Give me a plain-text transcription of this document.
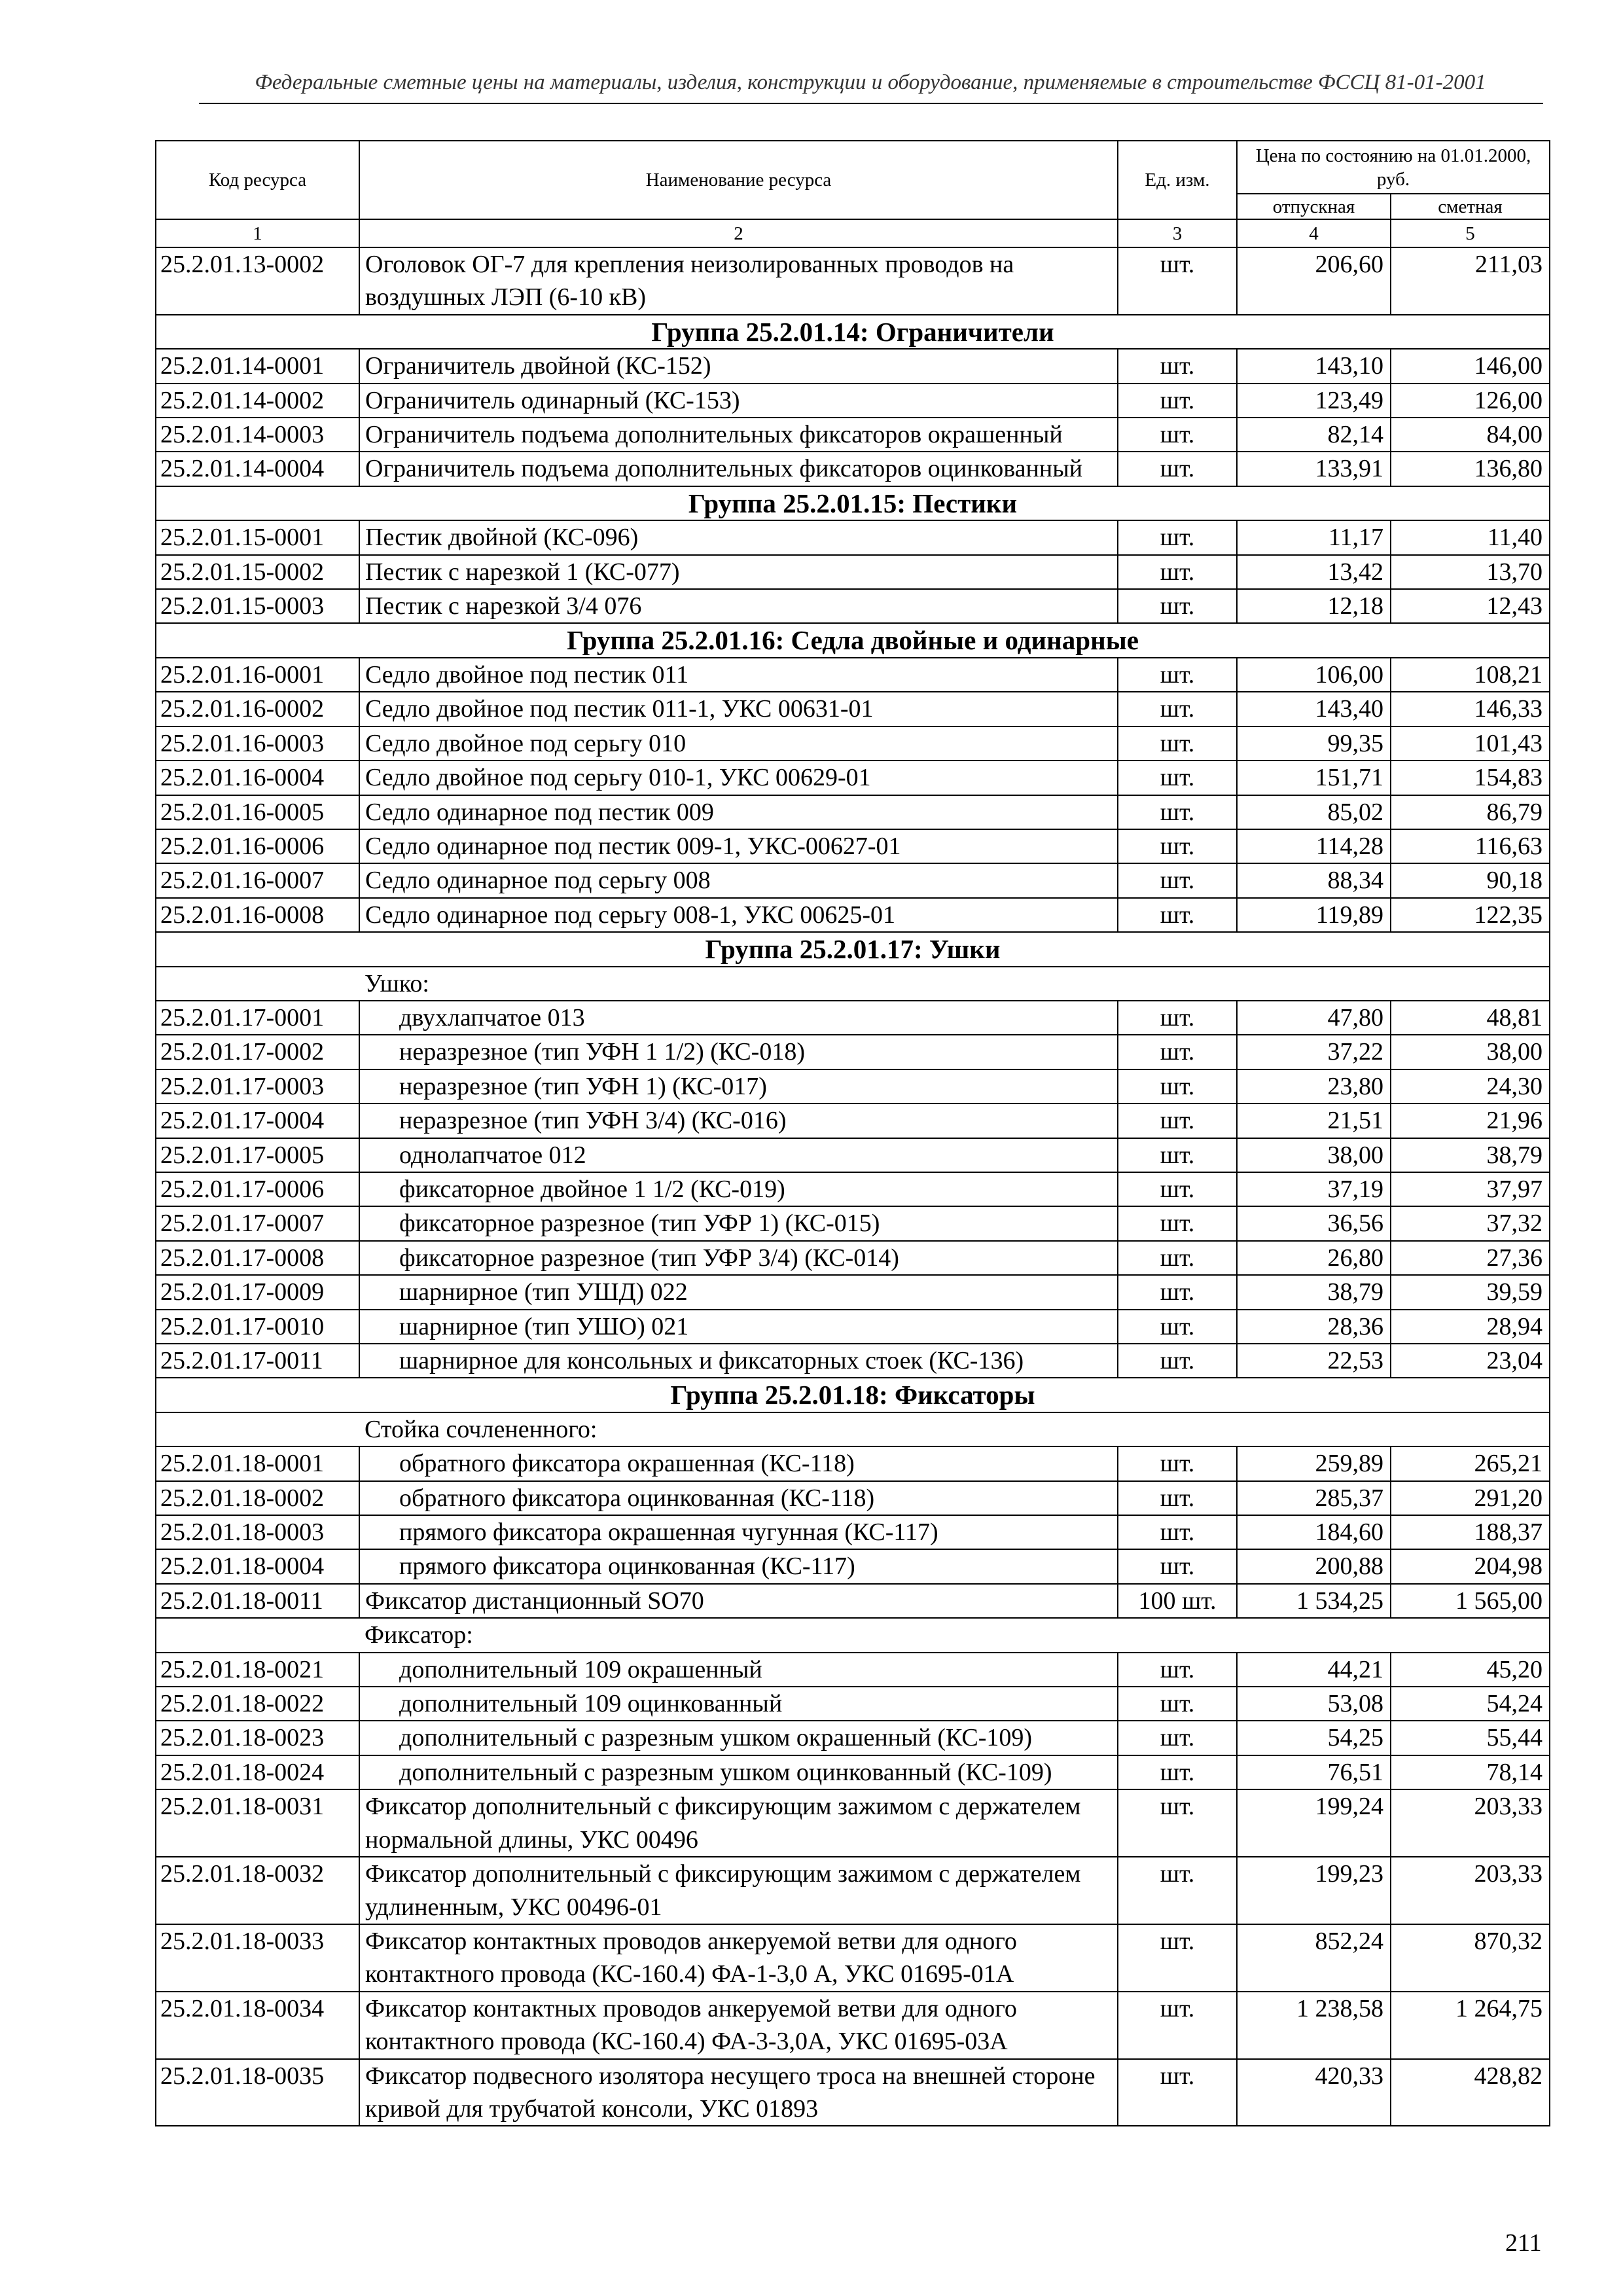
Федеральные сметные цены на материалы, изделия, конструкции и оборудование, применяемые в строительстве ФССЦ 81-01-2001
Код ресурса	Наименование ресурса	Ед. изм.	Цена по состоянию на 01.01.2000, руб.	
			отпускная	сметная
1	2	3	4	5
25.2.01.13-0002	Оголовок ОГ-7 для крепления неизолированных проводов на воздушных ЛЭП (6-10 кВ)	шт.	206,60	211,03
Группа 25.2.01.14: Ограничители				
25.2.01.14-0001	Ограничитель двойной (КС-152)	шт.	143,10	146,00
25.2.01.14-0002	Ограничитель одинарный (КС-153)	шт.	123,49	126,00
25.2.01.14-0003	Ограничитель подъема дополнительных фиксаторов окрашенный	шт.	82,14	84,00
25.2.01.14-0004	Ограничитель подъема дополнительных фиксаторов оцинкованный	шт.	133,91	136,80
Группа 25.2.01.15: Пестики				
25.2.01.15-0001	Пестик двойной (КС-096)	шт.	11,17	11,40
25.2.01.15-0002	Пестик с нарезкой 1 (КС-077)	шт.	13,42	13,70
25.2.01.15-0003	Пестик с нарезкой 3/4 076	шт.	12,18	12,43
Группа 25.2.01.16: Седла двойные и одинарные				
25.2.01.16-0001	Седло двойное под пестик 011	шт.	106,00	108,21
25.2.01.16-0002	Седло двойное под пестик 011-1, УКС 00631-01	шт.	143,40	146,33
25.2.01.16-0003	Седло двойное под серьгу 010	шт.	99,35	101,43
25.2.01.16-0004	Седло двойное под серьгу 010-1, УКС 00629-01	шт.	151,71	154,83
25.2.01.16-0005	Седло одинарное под пестик 009	шт.	85,02	86,79
25.2.01.16-0006	Седло одинарное под пестик 009-1, УКС-00627-01	шт.	114,28	116,63
25.2.01.16-0007	Седло одинарное под серьгу 008	шт.	88,34	90,18
25.2.01.16-0008	Седло одинарное под серьгу 008-1, УКС 00625-01	шт.	119,89	122,35
Группа 25.2.01.17: Ушки				
	Ушко:			
25.2.01.17-0001	двухлапчатое 013	шт.	47,80	48,81
25.2.01.17-0002	неразрезное (тип УФН 1 1/2) (КС-018)	шт.	37,22	38,00
25.2.01.17-0003	неразрезное (тип УФН 1) (КС-017)	шт.	23,80	24,30
25.2.01.17-0004	неразрезное (тип УФН 3/4) (КС-016)	шт.	21,51	21,96
25.2.01.17-0005	однолапчатое 012	шт.	38,00	38,79
25.2.01.17-0006	фиксаторное двойное 1 1/2 (КС-019)	шт.	37,19	37,97
25.2.01.17-0007	фиксаторное разрезное (тип УФР 1) (КС-015)	шт.	36,56	37,32
25.2.01.17-0008	фиксаторное разрезное (тип УФР 3/4) (КС-014)	шт.	26,80	27,36
25.2.01.17-0009	шарнирное (тип УШД) 022	шт.	38,79	39,59
25.2.01.17-0010	шарнирное (тип УШО) 021	шт.	28,36	28,94
25.2.01.17-0011	шарнирное для консольных и фиксаторных стоек (КС-136)	шт.	22,53	23,04
Группа 25.2.01.18: Фиксаторы				
	Стойка сочлененного:			
25.2.01.18-0001	обратного фиксатора окрашенная (КС-118)	шт.	259,89	265,21
25.2.01.18-0002	обратного фиксатора оцинкованная (КС-118)	шт.	285,37	291,20
25.2.01.18-0003	прямого фиксатора окрашенная чугунная (КС-117)	шт.	184,60	188,37
25.2.01.18-0004	прямого фиксатора оцинкованная (КС-117)	шт.	200,88	204,98
25.2.01.18-0011	Фиксатор дистанционный SO70	100 шт.	1 534,25	1 565,00
	Фиксатор:			
25.2.01.18-0021	дополнительный 109 окрашенный	шт.	44,21	45,20
25.2.01.18-0022	дополнительный 109 оцинкованный	шт.	53,08	54,24
25.2.01.18-0023	дополнительный с разрезным ушком окрашенный (КС-109)	шт.	54,25	55,44
25.2.01.18-0024	дополнительный с разрезным ушком оцинкованный (КС-109)	шт.	76,51	78,14
25.2.01.18-0031	Фиксатор дополнительный с фиксирующим зажимом с держателем нормальной длины, УКС 00496	шт.	199,24	203,33
25.2.01.18-0032	Фиксатор дополнительный с фиксирующим зажимом с держателем удлиненным, УКС 00496-01	шт.	199,23	203,33
25.2.01.18-0033	Фиксатор контактных проводов анкеруемой ветви для одного контактного провода (КС-160.4) ФА-1-3,0 А, УКС 01695-01А	шт.	852,24	870,32
25.2.01.18-0034	Фиксатор контактных проводов анкеруемой ветви для одного контактного провода (КС-160.4) ФА-3-3,0А, УКС 01695-03А	шт.	1 238,58	1 264,75
25.2.01.18-0035	Фиксатор подвесного изолятора несущего троса на внешней стороне кривой для трубчатой консоли, УКС 01893	шт.	420,33	428,82
211
